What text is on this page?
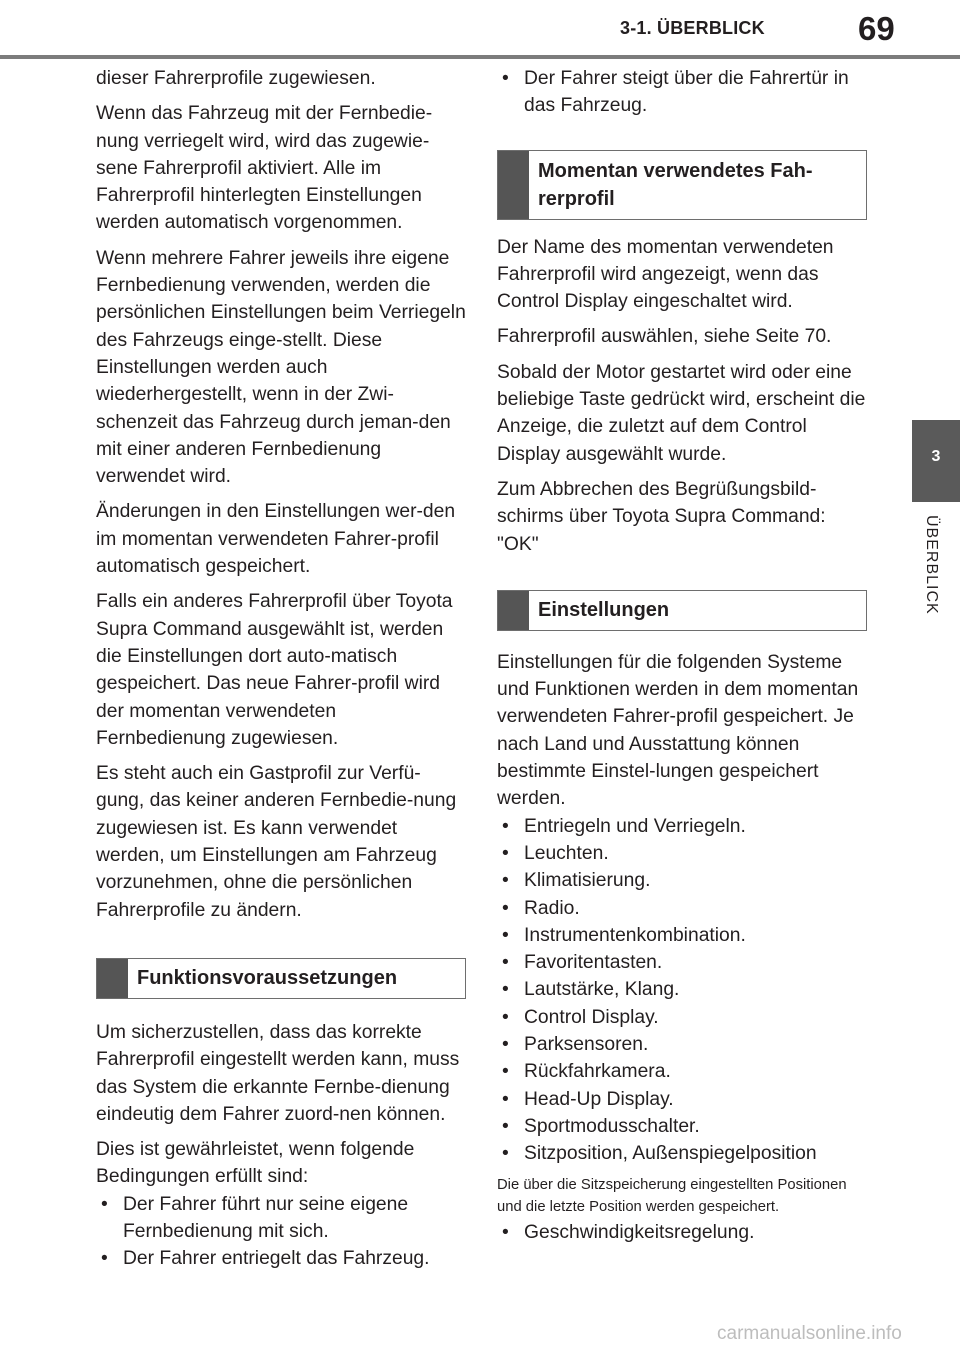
3-1. ÜBERBLICK	69
3
ÜBERBLICK

dieser Fahrerprofile zugewiesen.

Wenn das Fahrzeug mit der Fernbedie-nung verriegelt wird, wird das zugewie-sene Fahrerprofil aktiviert. Alle im Fahrerprofil hinterlegten Einstellungen werden automatisch vorgenommen.

Wenn mehrere Fahrer jeweils ihre eigene Fernbedienung verwenden, werden die persönlichen Einstellungen beim Verriegeln des Fahrzeugs einge-stellt. Diese Einstellungen werden auch wiederhergestellt, wenn in der Zwi-schenzeit das Fahrzeug durch jeman-den mit einer anderen Fernbedienung verwendet wird.

Änderungen in den Einstellungen wer-den im momentan verwendeten Fahrer-profil automatisch gespeichert.

Falls ein anderes Fahrerprofil über Toyota Supra Command ausgewählt ist, werden die Einstellungen dort auto-matisch gespeichert. Das neue Fahrer-profil wird der momentan verwendeten Fernbedienung zugewiesen.

Es steht auch ein Gastprofil zur Verfü-gung, das keiner anderen Fernbedie-nung zugewiesen ist. Es kann verwendet werden, um Einstellungen am Fahrzeug vorzunehmen, ohne die persönlichen Fahrerprofile zu ändern.

Funktionsvoraussetzungen

Um sicherzustellen, dass das korrekte Fahrerprofil eingestellt werden kann, muss das System die erkannte Fernbe-dienung eindeutig dem Fahrer zuord-nen können.

Dies ist gewährleistet, wenn folgende Bedingungen erfüllt sind:

• Der Fahrer führt nur seine eigene Fernbedienung mit sich.
• Der Fahrer entriegelt das Fahrzeug.
• Der Fahrer steigt über die Fahrertür in das Fahrzeug.
Momentan verwendetes Fah-rerprofil

Der Name des momentan verwendeten Fahrerprofil wird angezeigt, wenn das Control Display eingeschaltet wird.

Fahrerprofil auswählen, siehe Seite 70.

Sobald der Motor gestartet wird oder eine beliebige Taste gedrückt wird, erscheint die Anzeige, die zuletzt auf dem Control Display ausgewählt wurde.

Zum Abbrechen des Begrüßungsbild-schirms über Toyota Supra Command: "OK"

Einstellungen

Einstellungen für die folgenden Systeme und Funktionen werden in dem momentan verwendeten Fahrer-profil gespeichert. Je nach Land und Ausstattung können bestimmte Einstel-lungen gespeichert werden.

• Entriegeln und Verriegeln.
• Leuchten.
• Klimatisierung.
• Radio.
• Instrumentenkombination.
• Favoritentasten.
• Lautstärke, Klang.
• Control Display.
• Parksensoren.
• Rückfahrkamera.
• Head-Up Display.
• Sportmodusschalter.
• Sitzposition, Außenspiegelposition

Die über die Sitzspeicherung eingestellten Positionen und die letzte Position werden gespeichert.

• Geschwindigkeitsregelung.
carmanualsonline.info
